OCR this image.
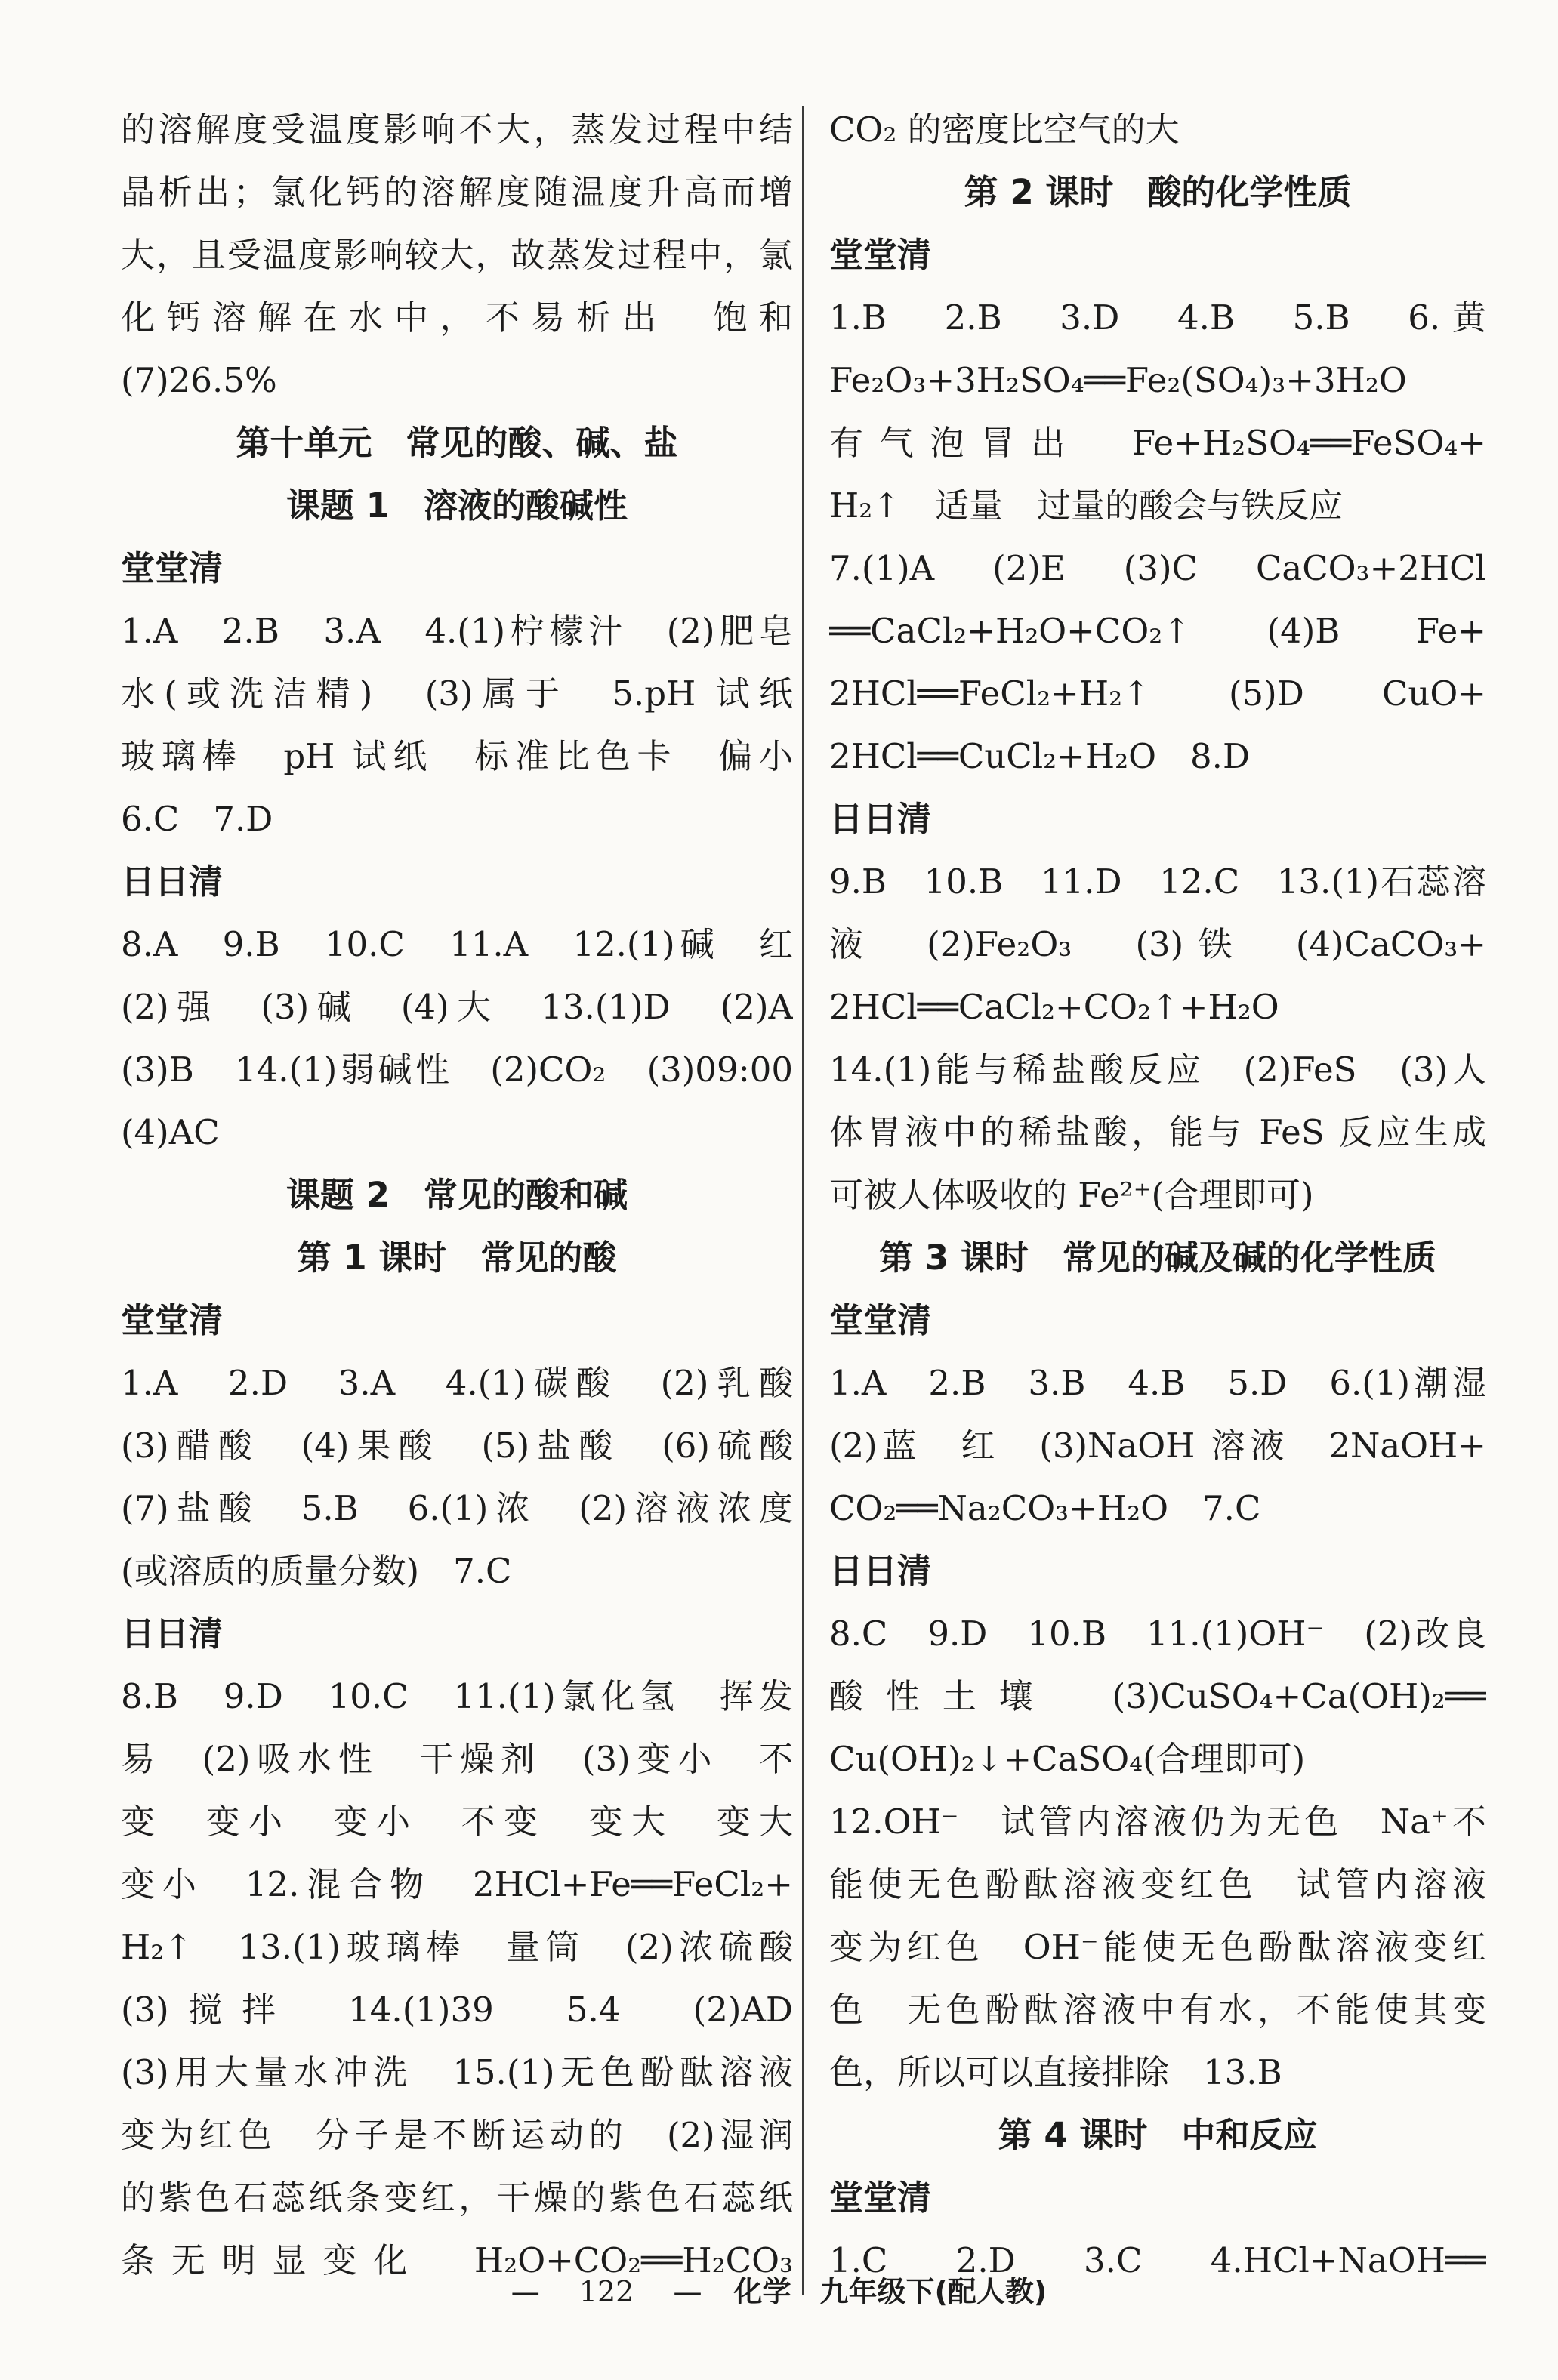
的溶解度受温度影响不大，蒸发过程中结
晶析出；氯化钙的溶解度随温度升高而增
大，且受温度影响较大，故蒸发过程中，氯
化钙溶解在水中，不易析出　饱和
(7)26.5%
第十单元　常见的酸、碱、盐
课题 1　溶液的酸碱性
堂堂清
1.A　2.B　3.A　4.(1)柠檬汁　(2)肥皂
水(或洗洁精)　(3)属于　5.pH 试纸
玻璃棒　pH 试纸　标准比色卡　偏小
6.C　7.D
日日清
8.A　9.B　10.C　11.A　12.(1)碱　红
(2)强　(3)碱　(4)大　13.(1)D　(2)A
(3)B　14.(1)弱碱性　(2)CO₂　(3)09:00
(4)AC
课题 2　常见的酸和碱
第 1 课时　常见的酸
堂堂清
1.A　2.D　3.A　4.(1)碳酸　(2)乳酸
(3)醋酸　(4)果酸　(5)盐酸　(6)硫酸
(7)盐酸　5.B　6.(1)浓　(2)溶液浓度
(或溶质的质量分数)　7.C
日日清
8.B　9.D　10.C　11.(1)氯化氢　挥发
易　(2)吸水性　干燥剂　(3)变小　不
变　变小　变小　不变　变大　变大
变小　12.混合物　2HCl+Fe══FeCl₂+
H₂↑　13.(1)玻璃棒　量筒　(2)浓硫酸
(3)搅拌　14.(1)39　5.4　(2)AD
(3)用大量水冲洗　15.(1)无色酚酞溶液
变为红色　分子是不断运动的　(2)湿润
的紫色石蕊纸条变红，干燥的紫色石蕊纸
条无明显变化　H₂O+CO₂══H₂CO₃
CO₂ 的密度比空气的大
第 2 课时　酸的化学性质
堂堂清
1.B　2.B　3.D　4.B　5.B　6.黄
Fe₂O₃+3H₂SO₄══Fe₂(SO₄)₃+3H₂O
有气泡冒出　Fe+H₂SO₄══FeSO₄+
H₂↑　适量　过量的酸会与铁反应
7.(1)A　(2)E　(3)C　CaCO₃+2HCl
══CaCl₂+H₂O+CO₂↑　(4)B　Fe+
2HCl══FeCl₂+H₂↑　(5)D　CuO+
2HCl══CuCl₂+H₂O　8.D
日日清
9.B　10.B　11.D　12.C　13.(1)石蕊溶
液　(2)Fe₂O₃　(3)铁　(4)CaCO₃+
2HCl══CaCl₂+CO₂↑+H₂O
14.(1)能与稀盐酸反应　(2)FeS　(3)人
体胃液中的稀盐酸，能与 FeS 反应生成
可被人体吸收的 Fe²⁺(合理即可)
第 3 课时　常见的碱及碱的化学性质
堂堂清
1.A　2.B　3.B　4.B　5.D　6.(1)潮湿
(2)蓝　红　(3)NaOH 溶液　2NaOH+
CO₂══Na₂CO₃+H₂O　7.C
日日清
8.C　9.D　10.B　11.(1)OH⁻　(2)改良
酸性土壤　(3)CuSO₄+Ca(OH)₂══
Cu(OH)₂↓+CaSO₄(合理即可)
12.OH⁻　试管内溶液仍为无色　Na⁺不
能使无色酚酞溶液变红色　试管内溶液
变为红色　OH⁻能使无色酚酞溶液变红
色　无色酚酞溶液中有水，不能使其变
色，所以可以直接排除　13.B
第 4 课时　中和反应
堂堂清
1.C　2.D　3.C　4.HCl+NaOH══
— 122 — 化学　九年级下(配人教)
